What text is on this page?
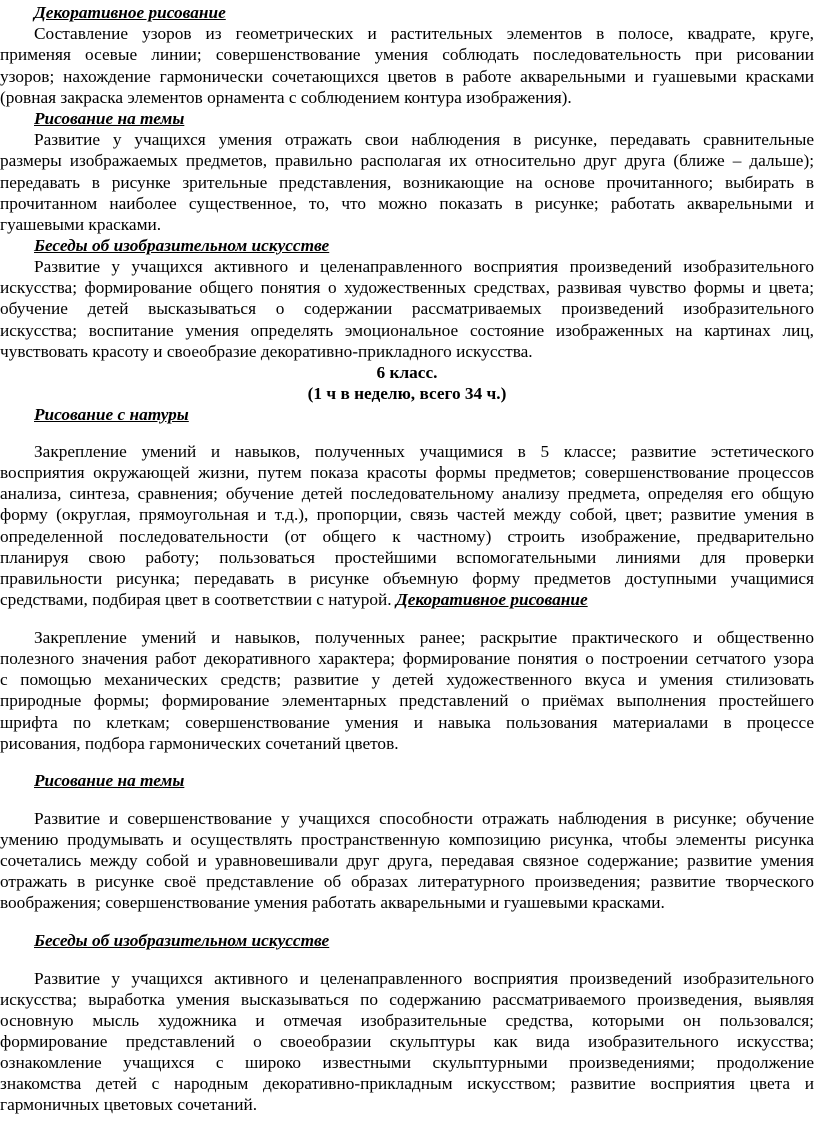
Декоративное рисование
Составление узоров из геометрических и растительных элементов в полосе, квадрате, круге,
применяя осевые линии; совершенствование умения соблюдать последовательность при рисовании
узоров; нахождение гармонически сочетающихся цветов в работе акварельными и гуашевыми красками
(ровная закраска элементов орнамента с соблюдением контура изображения).
Рисование на темы
Развитие у учащихся умения отражать свои наблюдения в рисунке, передавать сравнительные
размеры изображаемых предметов, правильно располагая их относительно друг друга (ближе – дальше);
передавать в рисунке зрительные представления, возникающие на основе прочитанного; выбирать в
прочитанном наиболее существенное, то, что можно показать в рисунке; работать акварельными и
гуашевыми красками.
Беседы об изобразительном искусстве
Развитие у учащихся активного и целенаправленного восприятия произведений изобразительного
искусства; формирование общего понятия о художественных средствах, развивая чувство формы и цвета;
обучение детей высказываться о содержании рассматриваемых произведений изобразительного
искусства; воспитание умения определять эмоциональное состояние изображенных на картинах лиц,
чувствовать красоту и своеобразие декоративно-прикладного искусства.
6 класс.
(1 ч в неделю, всего 34 ч.)
Рисование с натуры
Закрепление умений и навыков, полученных учащимися в 5 классе; развитие эстетического
восприятия окружающей жизни, путем показа красоты формы предметов; совершенствование процессов
анализа, синтеза, сравнения; обучение детей последовательному анализу предмета, определяя его общую
форму (округлая, прямоугольная и т.д.), пропорции, связь частей между собой, цвет; развитие умения в
определенной последовательности (от общего к частному) строить изображение, предварительно
планируя свою работу; пользоваться простейшими вспомогательными линиями для проверки
правильности рисунка; передавать в рисунке объемную форму предметов доступными учащимися
средствами, подбирая цвет в соответствии с натурой. Декоративное рисование
Закрепление умений и навыков, полученных ранее; раскрытие практического и общественно
полезного значения работ декоративного характера; формирование понятия о построении сетчатого узора
с помощью механических средств; развитие у детей художественного вкуса и умения стилизовать
природные формы; формирование элементарных представлений о приёмах выполнения простейшего
шрифта по клеткам; совершенствование умения и навыка пользования материалами в процессе
рисования, подбора гармонических сочетаний цветов.
Рисование на темы
Развитие и совершенствование у учащихся способности отражать наблюдения в рисунке; обучение
умению продумывать и осуществлять пространственную композицию рисунка, чтобы элементы рисунка
сочетались между собой и уравновешивали друг друга, передавая связное содержание; развитие умения
отражать в рисунке своё представление об образах литературного произведения; развитие творческого
воображения; совершенствование умения работать акварельными и гуашевыми красками.
Беседы об изобразительном искусстве
Развитие у учащихся активного и целенаправленного восприятия произведений изобразительного
искусства; выработка умения высказываться по содержанию рассматриваемого произведения, выявляя
основную мысль художника и отмечая изобразительные средства, которыми он пользовался;
формирование представлений о своеобразии скульптуры как вида изобразительного искусства;
ознакомление учащихся с широко известными скульптурными произведениями; продолжение
знакомства детей с народным декоративно-прикладным искусством; развитие восприятия цвета и
гармоничных цветовых сочетаний.
